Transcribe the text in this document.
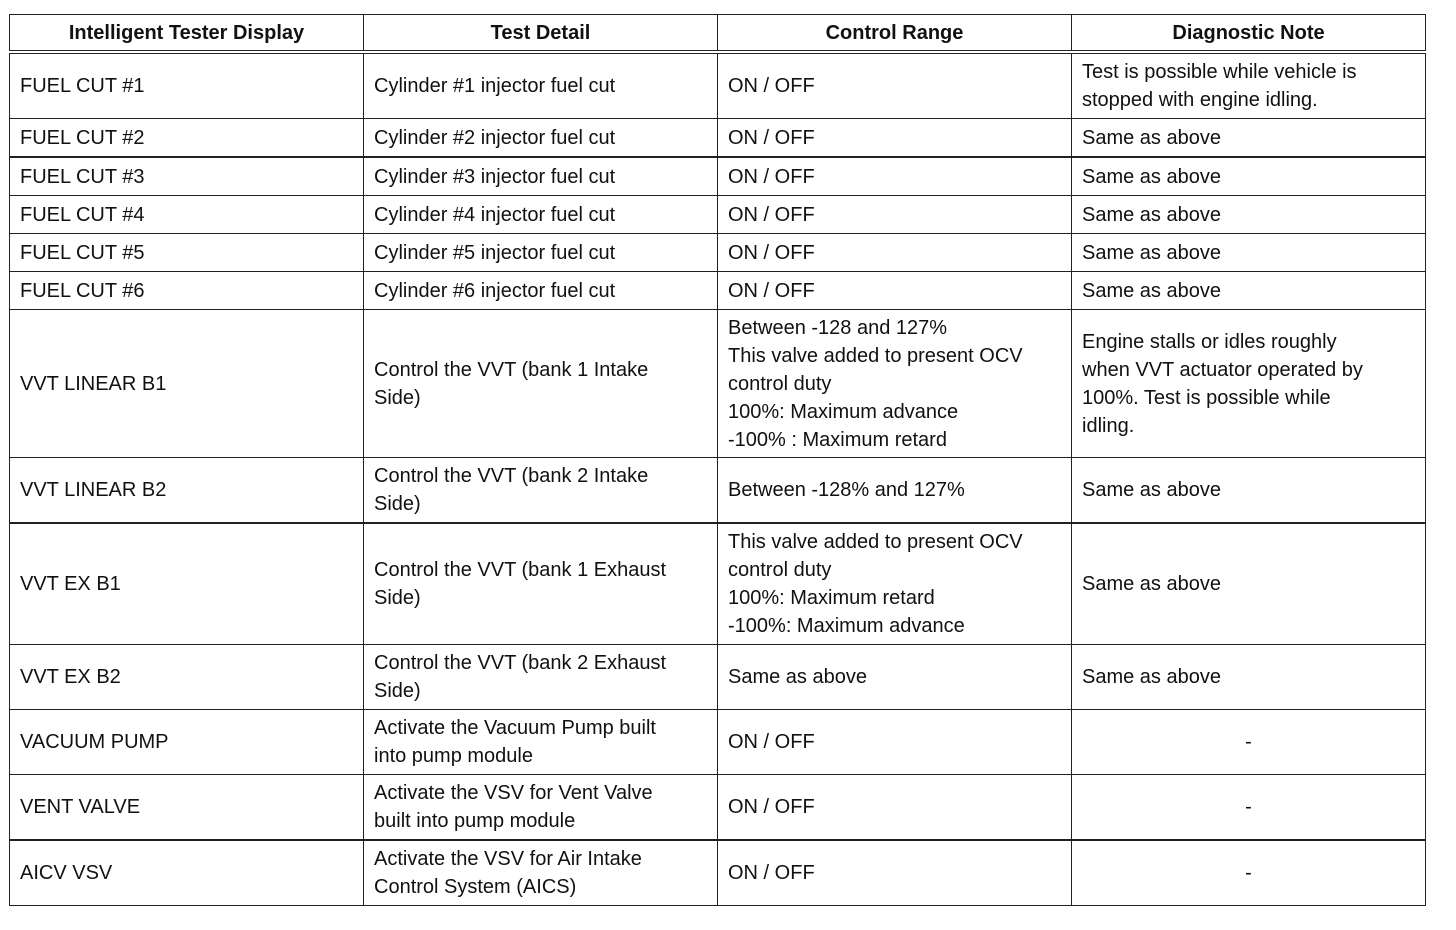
Intelligent Tester Display	Test Detail	Control Range	Diagnostic Note
FUEL CUT #1	Cylinder #1 injector fuel cut	ON / OFF	Test is possible while vehicle is
stopped with engine idling.
FUEL CUT #2	Cylinder #2 injector fuel cut	ON / OFF	Same as above
FUEL CUT #3	Cylinder #3 injector fuel cut	ON / OFF	Same as above
FUEL CUT #4	Cylinder #4 injector fuel cut	ON / OFF	Same as above
FUEL CUT #5	Cylinder #5 injector fuel cut	ON / OFF	Same as above
FUEL CUT #6	Cylinder #6 injector fuel cut	ON / OFF	Same as above
VVT LINEAR B1	Control the VVT (bank 1 Intake
Side)	Between -128 and 127%
This valve added to present OCV
control duty
100%: Maximum advance
-100% : Maximum retard	Engine stalls or idles roughly
when VVT actuator operated by
100%. Test is possible while
idling.
VVT LINEAR B2	Control the VVT (bank 2 Intake
Side)	Between -128% and 127%	Same as above
VVT EX B1	Control the VVT (bank 1 Exhaust
Side)	This valve added to present OCV
control duty
100%: Maximum retard
-100%: Maximum advance	Same as above
VVT EX B2	Control the VVT (bank 2 Exhaust
Side)	Same as above	Same as above
VACUUM PUMP	Activate the Vacuum Pump built
into pump module	ON / OFF	-
VENT VALVE	Activate the VSV for Vent Valve
built into pump module	ON / OFF	-
AICV VSV	Activate the VSV for Air Intake
Control System (AICS)	ON / OFF	-
